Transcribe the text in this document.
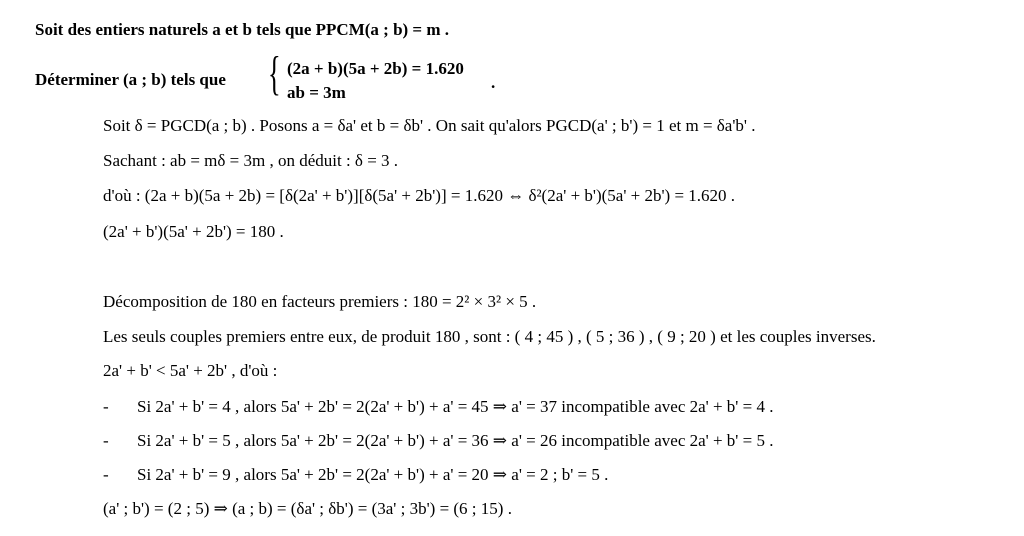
Soit des entiers naturels a et b tels que PPCM(a ; b) = m .
Déterminer (a ; b) tels que { (2a + b)(5a + 2b) = 1.620
ab = 3m
.
Soit δ = PGCD(a ; b) . Posons a = δa' et b = δb' . On sait qu'alors PGCD(a' ; b') = 1 et m = δa'b' .
Sachant : ab = mδ = 3m , on déduit : δ = 3 .
d'où : (2a + b)(5a + 2b) = [δ(2a' + b')][δ(5a' + 2b')] = 1.620 ⇔ δ²(2a' + b')(5a' + 2b') = 1.620 .
(2a' + b')(5a' + 2b') = 180 .
Décomposition de 180 en facteurs premiers : 180 = 2² × 3² × 5 .
Les seuls couples premiers entre eux, de produit 180 , sont : ( 4 ; 45 ) , ( 5 ; 36 ) , ( 9 ; 20 ) et les couples inverses.
2a' + b' < 5a' + 2b' , d'où :
- Si 2a' + b' = 4 , alors 5a' + 2b' = 2(2a' + b') + a' = 45 ⇒ a' = 37 incompatible avec 2a' + b' = 4 .
- Si 2a' + b' = 5 , alors 5a' + 2b' = 2(2a' + b') + a' = 36 ⇒ a' = 26 incompatible avec 2a' + b' = 5 .
- Si 2a' + b' = 9 , alors 5a' + 2b' = 2(2a' + b') + a' = 20 ⇒ a' = 2 ; b' = 5 .
(a' ; b') = (2 ; 5) ⇒ (a ; b) = (δa' ; δb') = (3a' ; 3b') = (6 ; 15) .
